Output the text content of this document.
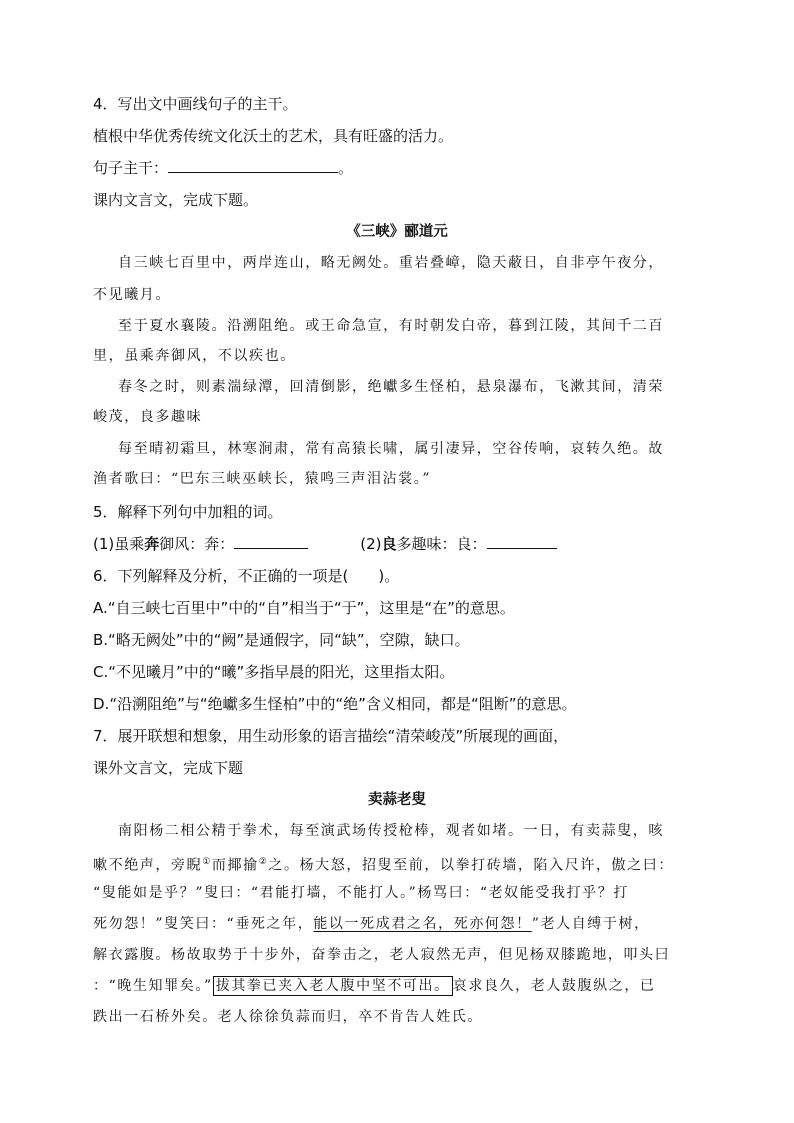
4．写出文中画线句子的主干。
植根中华优秀传统文化沃土的艺术，具有旺盛的活力。
句子主干：	。
课内文言文，完成下题。
《三峡》郦道元
自三峡七百里中，两岸连山，略无阙处。重岩叠嶂，隐天蔽日，自非亭午夜分，
不见曦月。
至于夏水襄陵。沿溯阻绝。或王命急宣，有时朝发白帝，暮到江陵，其间千二百
里，虽乘奔御风，不以疾也。
春冬之时，则素湍绿潭，回清倒影，绝巘多生怪柏，悬泉瀑布，飞漱其间，清荣
峻茂，良多趣味
每至晴初霜旦，林寒涧肃，常有高猿长啸，属引凄异，空谷传响，哀转久绝。故
渔者歌曰：“巴东三峡巫峡长，猿鸣三声泪沾裳。”
5．解释下列句中加粗的词。
(1)虽乘奔御风：奔：	(2)良多趣味：良：
6．下列解释及分析，不正确的一项是(　　)。
A.“自三峡七百里中”中的“自”相当于“于”，这里是“在”的意思。
B.“略无阙处”中的“阙”是通假字，同“缺”，空隙，缺口。
C.“不见曦月”中的“曦”多指早晨的阳光，这里指太阳。
D.“沿溯阻绝”与“绝巘多生怪柏”中的“绝”含义相同，都是“阻断”的意思。
7．展开联想和想象，用生动形象的语言描绘“清荣峻茂”所展现的画面，
课外文言文，完成下题
卖蒜老叟
南阳杨二相公精于拳术，每至演武场传授枪棒，观者如堵。一日，有卖蒜叟，咳
嗽不绝声，旁睨①而揶揄②之。杨大怒，招叟至前，以拳打砖墙，陷入尺许，傲之曰：
“叟能如是乎？”叟曰：“君能打墙，不能打人。”杨骂曰：“老奴能受我打乎？打
死勿怨！”叟笑曰：“垂死之年，能以一死成君之名，死亦何怨！”老人自缚于树，
解衣露腹。杨故取势于十步外，奋拳击之，老人寂然无声，但见杨双膝跪地，叩头曰
：“晚生知罪矣。” 拔其拳已夹入老人腹中坚不可出。 哀求良久，老人鼓腹纵之，已
跌出一石桥外矣。老人徐徐负蒜而归，卒不肯告人姓氏。
